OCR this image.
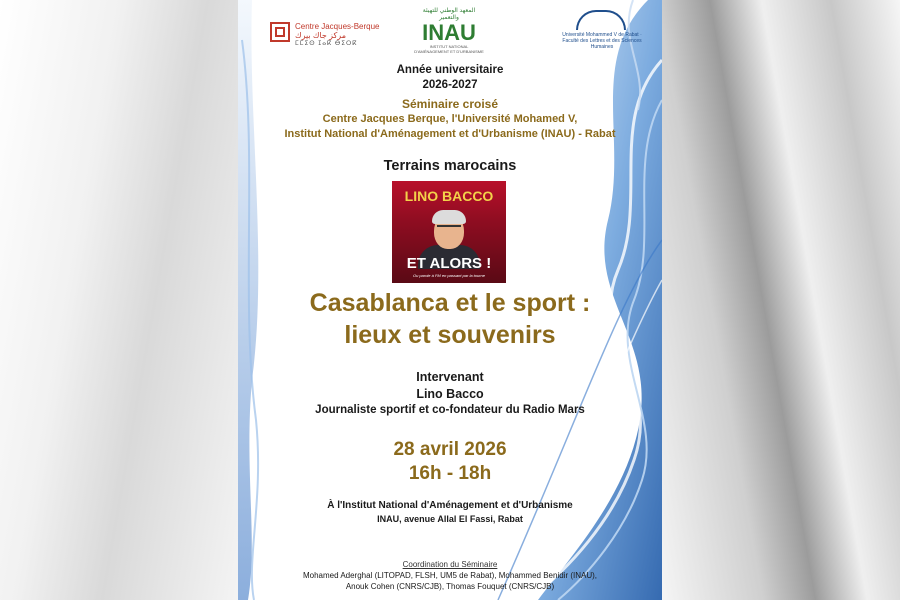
Centre Jacques-Berque
مركز جاك بيرك
ⵎⵎⵉⵙ ⵊⴰⴽ ⴱⵉⵔⴽ
المعهد الوطني للتهيئة والتعمير
INAU
INSTITUT NATIONAL D'AMÉNAGEMENT ET D'URBANISME
Université Mohammed V de Rabat · Faculté des Lettres et des Sciences Humaines
Année universitaire
2026-2027
Séminaire croisé
Centre Jacques Berque, l'Université Mohamed V,
Institut National d'Aménagement et d'Urbanisme (INAU) - Rabat
Terrains marocains
LINO BACCO
ET ALORS !
Ou parole à FM en passant par la tourne
Casablanca et le sport :
lieux et souvenirs
Intervenant
Lino Bacco
Journaliste sportif et co-fondateur du Radio Mars
28 avril 2026
16h - 18h
À l'Institut National d'Aménagement et d'Urbanisme
INAU, avenue Allal El Fassi, Rabat
Coordination du Séminaire
Mohamed Aderghal (LITOPAD, FLSH, UM5 de Rabat), Mohammed Benidir (INAU),
Anouk Cohen (CNRS/CJB), Thomas Fouquet (CNRS/CJB)
